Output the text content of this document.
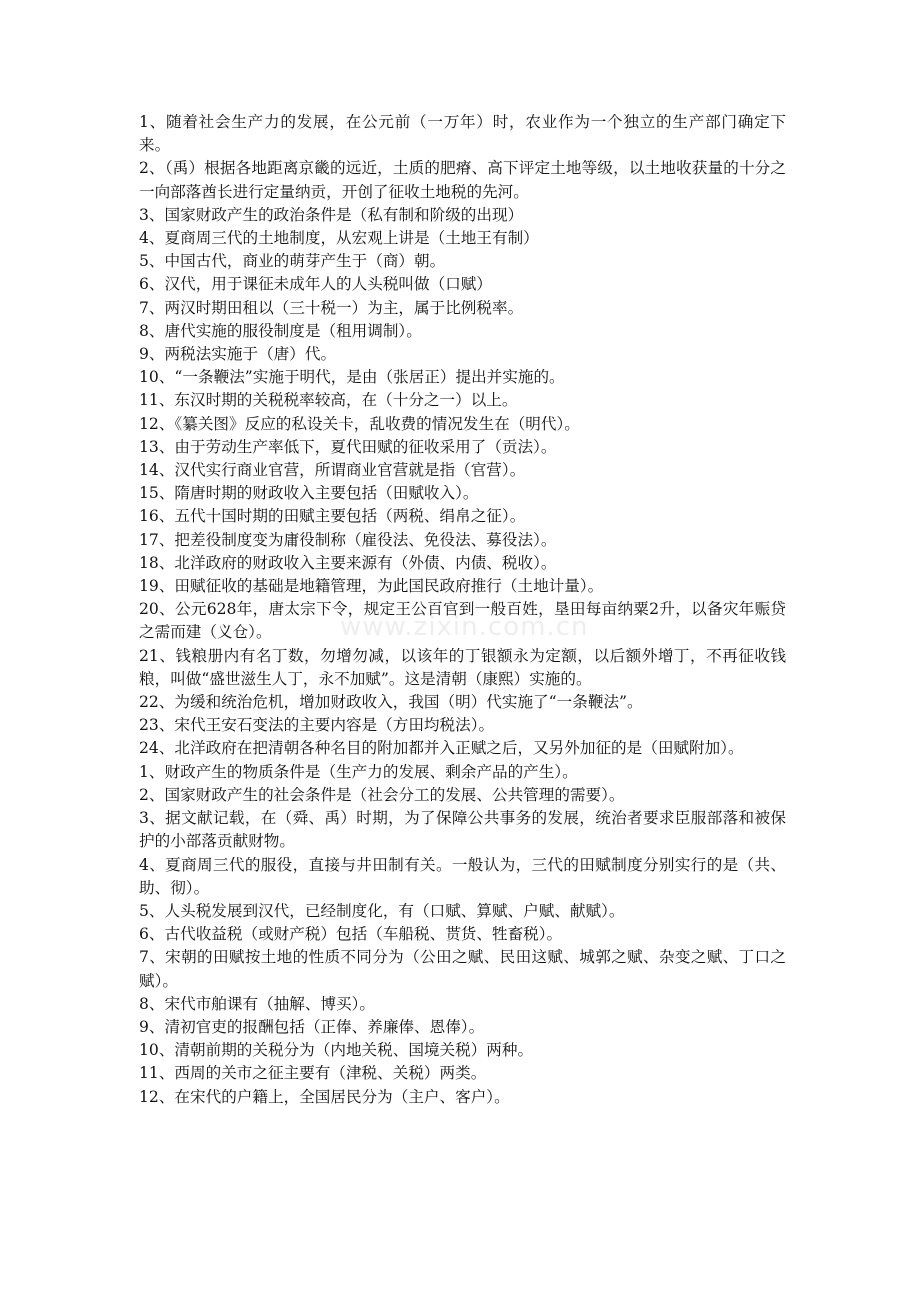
1、随着社会生产力的发展，在公元前（一万年）时，农业作为一个独立的生产部门确定下来。

2、（禹）根据各地距离京畿的远近，土质的肥瘠、高下评定土地等级，以土地收获量的十分之一向部落酋长进行定量纳贡，开创了征收土地税的先河。

3、国家财政产生的政治条件是（私有制和阶级的出现）

4、夏商周三代的土地制度，从宏观上讲是（土地王有制）

5、中国古代，商业的萌芽产生于（商）朝。

6、汉代，用于课征未成年人的人头税叫做（口赋）

7、两汉时期田租以（三十税一）为主，属于比例税率。

8、唐代实施的服役制度是（租用调制）。

9、两税法实施于（唐）代。

10、“一条鞭法”实施于明代，是由（张居正）提出并实施的。

11、东汉时期的关税税率较高，在（十分之一）以上。

12、《纂关图》反应的私设关卡，乱收费的情况发生在（明代）。

13、由于劳动生产率低下，夏代田赋的征收采用了（贡法）。

14、汉代实行商业官营，所谓商业官营就是指（官营）。

15、隋唐时期的财政收入主要包括（田赋收入）。

16、五代十国时期的田赋主要包括（两税、绢帛之征）。

17、把差役制度变为庸役制称（雇役法、免役法、募役法）。

18、北洋政府的财政收入主要来源有（外债、内债、税收）。

19、田赋征收的基础是地籍管理，为此国民政府推行（土地计量）。

20、公元628年，唐太宗下令，规定王公百官到一般百姓，垦田每亩纳粟2升，以备灾年赈贷之需而建（义仓）。

21、钱粮册内有名丁数，勿增勿减，以该年的丁银额永为定额，以后额外增丁，不再征收钱粮，叫做“盛世滋生人丁，永不加赋”。这是清朝（康熙）实施的。

22、为缓和统治危机，增加财政收入，我国（明）代实施了“一条鞭法”。

23、宋代王安石变法的主要内容是（方田均税法）。

24、北洋政府在把清朝各种名目的附加都并入正赋之后，又另外加征的是（田赋附加）。

1、财政产生的物质条件是（生产力的发展、剩余产品的产生）。

2、国家财政产生的社会条件是（社会分工的发展、公共管理的需要）。

3、据文献记载，在（舜、禹）时期，为了保障公共事务的发展，统治者要求臣服部落和被保护的小部落贡献财物。

4、夏商周三代的服役，直接与井田制有关。一般认为，三代的田赋制度分别实行的是（共、助、彻）。

5、人头税发展到汉代，已经制度化，有（口赋、算赋、户赋、献赋）。

6、古代收益税（或财产税）包括（车船税、贳货、牲畜税）。

7、宋朝的田赋按土地的性质不同分为（公田之赋、民田这赋、城郭之赋、杂变之赋、丁口之赋）。

8、宋代市舶课有（抽解、博买）。

9、清初官吏的报酬包括（正俸、养廉俸、恩俸）。

10、清朝前期的关税分为（内地关税、国境关税）两种。

11、西周的关市之征主要有（津税、关税）两类。

12、在宋代的户籍上，全国居民分为（主户、客户）。

www.zixin.com.cn
